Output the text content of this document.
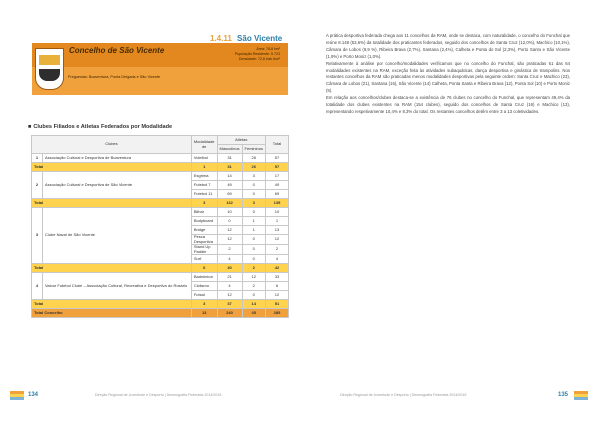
1.4.11 São Vicente
Concelho de São Vicente	Área: 78,8 km²
População Residente: 5 723
Densidade: 72,6 hab./km²
Freguesias: Boaventura, Ponta Delgada e São Vicente
■ Clubes Filiados e Atletas Federados por Modalidade
Clubes		Modalidade de	Atletas		Total
			Masculinos	Femininos	
1	Associação Cultural e Desportiva de Boaventura	Voleibol	31	26	57
Total		1	31	26	57
2	Associação Cultural e Desportiva de São Vicente	Esgrima	14	3	17
		Futebol 7	49	0	49
		Futebol 11	69	0	69
Total		3	132	3	135
3	Clube Naval de São Vicente	Bilhar	10	0	10
		Bodyboard	0	1	1
		Bridge	12	1	13
		Pesca Desportiva	12	0	12
		Stand Up Paddle	2	0	2
		Surf	4	0	4
Total		6	40	2	42
4	Valour Futebol Clube – Associação Cultural, Recreativa e Desportiva do Rosário	Badminton	21	12	33
		Ciclismo	4	2	6
		Futsal	12	0	12
Total		3	37	14	51
Total Concelho		13	240	45	285
134	Direção Regional de Juventude e Desporto | Desmografia Federada 2014/2015

A prática desportiva federada chega aos 11 concelhos da RAM, onde se destaca, com naturalidade, o concelho do Funchal que reúne 8.148 (53,6%) da totalidade dos praticantes federados, seguido dos concelhos de Santa Cruz (12,0%), Machico (10,1%), Câmara de Lobos (9,9 %), Ribeira Brava (2,7%), Santana (2,4%), Calheta e Ponta do Sol (2,3%), Porto Santo e São Vicente (1,9%) e Porto Moniz (1,0%).

Relativamente à análise por concelho/modalidades verificamos que no concelho do Funchal, são praticadas 61 das 64 modalidades existentes na RAM, exceção feita às atividades subaquáticas, dança desportiva e ginástica de trampolins. Nos restantes concelhos da RAM são praticadas menos modalidades desportivas pela seguinte ordem: Santa Cruz e Machico (23), Câmara de Lobos (21), Santana (16), São Vicente (14) Calheta, Ponta Santa e Ribeira Brava (12), Ponta Sol (10) e Porto Moniz (9).

Em relação aos concelhos/clubes destaca-se a existência de 76 clubes no concelho do Funchal, que representam 49,4% da totalidade dos clubes existentes na RAM (154 clubes), seguido dos concelhos de Santa Cruz (16) e Machico (13), representando respetivamente 10,4% e 8,3% do total. Os restantes concelhos detêm entre 3 a 13 coletividades.

Direção Regional de Juventude e Desporto | Desmografia Federada 2014/2015	135
